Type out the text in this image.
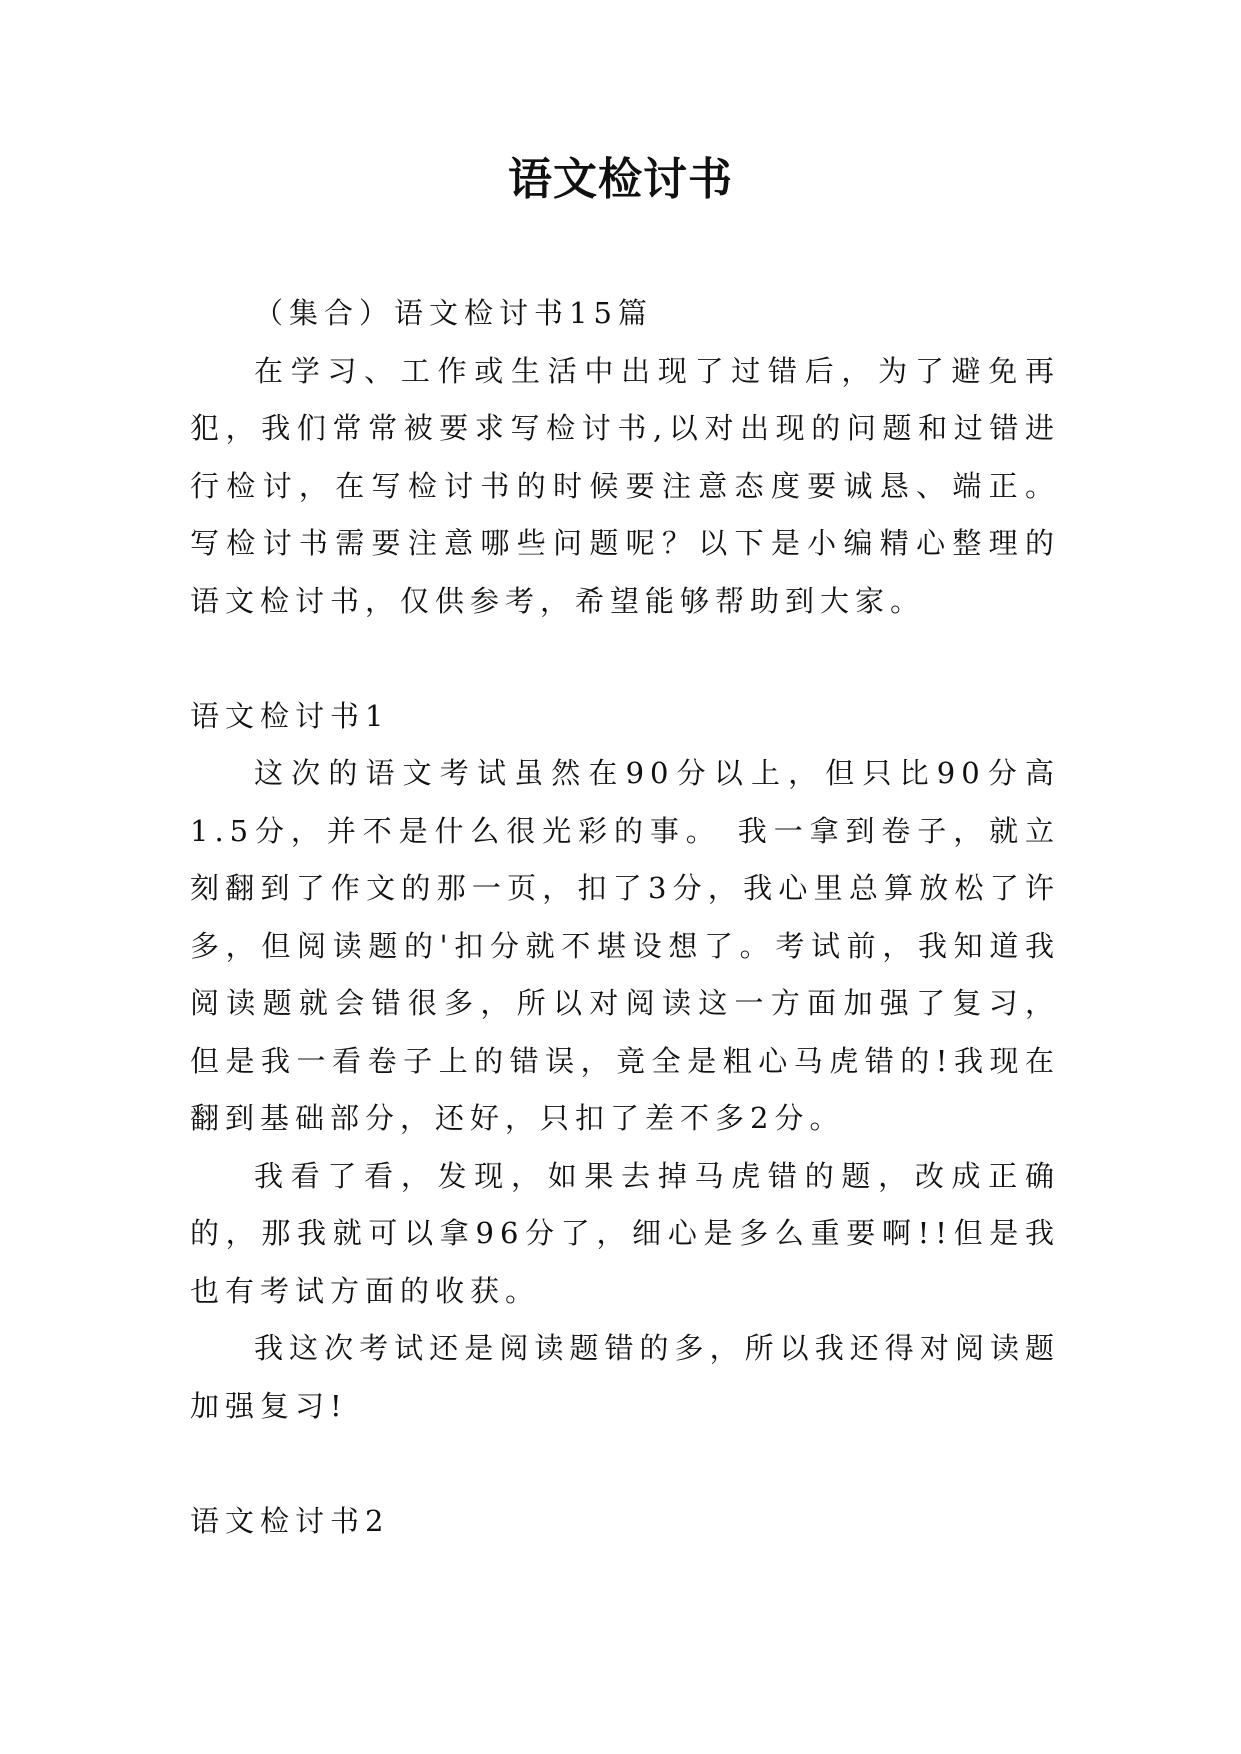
语文检讨书

（集合）语文检讨书15篇

在学习、工作或生活中出现了过错后，为了避免再犯，我们常常被要求写检讨书,以对出现的问题和过错进行检讨，在写检讨书的时候要注意态度要诚恳、端正。写检讨书需要注意哪些问题呢？以下是小编精心整理的语文检讨书，仅供参考，希望能够帮助到大家。

语文检讨书1

这次的语文考试虽然在90分以上，但只比90分高1.5分，并不是什么很光彩的事。 我一拿到卷子，就立刻翻到了作文的那一页，扣了3分，我心里总算放松了许多，但阅读题的'扣分就不堪设想了。考试前，我知道我阅读题就会错很多，所以对阅读这一方面加强了复习，但是我一看卷子上的错误，竟全是粗心马虎错的!我现在翻到基础部分，还好，只扣了差不多2分。

我看了看，发现，如果去掉马虎错的题，改成正确的，那我就可以拿96分了，细心是多么重要啊!!但是我也有考试方面的收获。

我这次考试还是阅读题错的多，所以我还得对阅读题加强复习!

语文检讨书2
